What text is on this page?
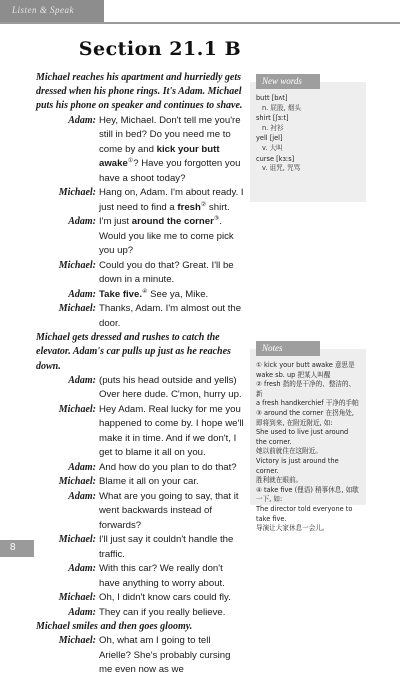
Listen & Speak
Section 21.1 B
Michael reaches his apartment and hurriedly gets dressed when his phone rings. It's Adam. Michael puts his phone on speaker and continues to shave.
Adam: Hey, Michael. Don't tell me you're still in bed? Do you need me to come by and kick your butt awake①? Have you forgotten you have a shoot today?
Michael: Hang on, Adam. I'm about ready. I just need to find a fresh② shirt.
Adam: I'm just around the corner③. Would you like me to come pick you up?
Michael: Could you do that? Great. I'll be down in a minute.
Adam: Take five.④ See ya, Mike.
Michael: Thanks, Adam. I'm almost out the door.
Michael gets dressed and rushes to catch the elevator. Adam's car pulls up just as he reaches down.
Adam: (puts his head outside and yells) Over here dude. C'mon, hurry up.
Michael: Hey Adam. Real lucky for me you happened to come by. I hope we'll make it in time. And if we don't, I get to blame it all on you.
Adam: And how do you plan to do that?
Michael: Blame it all on your car.
Adam: What are you going to say, that it went backwards instead of forwards?
Michael: I'll just say it couldn't handle the traffic.
Adam: With this car? We really don't have anything to worry about.
Michael: Oh, I didn't know cars could fly.
Adam: They can if you really believe.
Michael smiles and then goes gloomy.
Michael: Oh, what am I going to tell Arielle? She's probably cursing me even now as we
New words
butt [bʌt]
n. 屁股, 烟头
shirt [ʃɜːt]
n. 衬衫
yell [jel]
v. 大叫
curse [kɜːs]
v. 诅咒, 咒骂
Notes
① kick your butt awake 意思是wake sb. up 把某人叫醒
② fresh 指的是干净的、整洁的、新
a fresh handkerchief 干净的手帕
③ around the corner 在拐角处, 即将到来, 在附近附近, 如:
She used to live just around the corner.
她以前就住在这附近。
Victory is just around the corner.
胜利就在眼前。
④ take five (俚语) 稍事休息, 如歇一下, 如:
The director told everyone to take five.
导演让大家休息一会儿。
8
